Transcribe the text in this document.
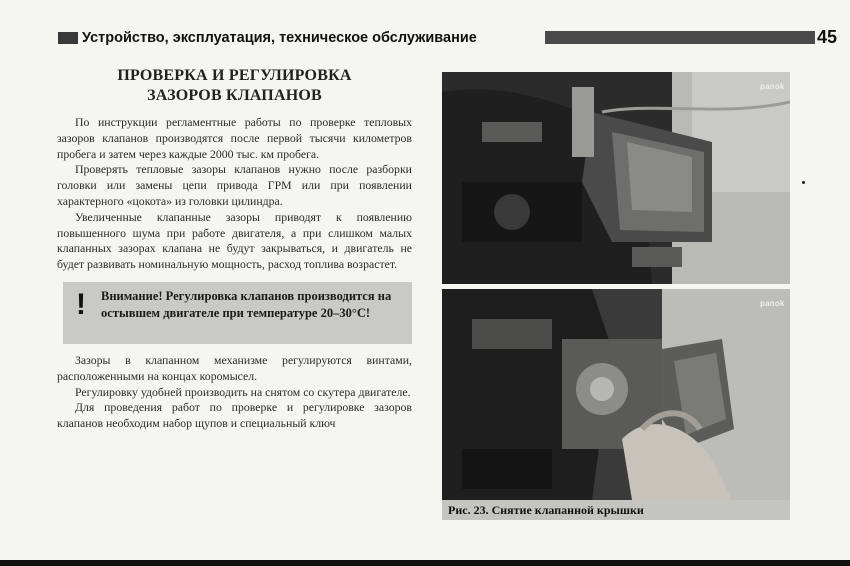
Устройство, эксплуатация, техническое обслуживание	45
ПРОВЕРКА И РЕГУЛИРОВКА
ЗАЗОРОВ КЛАПАНОВ

По инструкции регламентные работы по проверке тепловых зазоров клапанов производятся после первой тысячи километров пробега и затем через каждые 2000 тыс. км пробега.

Проверять тепловые зазоры клапанов нужно после разборки головки или замены цепи привода ГРМ или при появлении характерного «цокота» из головки цилиндра.

Увеличенные клапанные зазоры приводят к появлению повышенного шума при работе двигателя, а при слишком малых клапанных зазорах клапана не будут закрываться, и двигатель не будет развивать номинальную мощность, расход топлива возрастет.

! Внимание! Регулировка клапанов производится на остывшем двигателе при температуре 20–30°С!

Зазоры в клапанном механизме регулируются винтами, расположенными на концах коромысел.

Регулировку удобней производить на снятом со скутера двигателе.

Для проведения работ по проверке и регулировке зазоров клапанов необходим набор щупов и специальный ключ

panok
panok
Рис. 23. Снятие клапанной крышки
